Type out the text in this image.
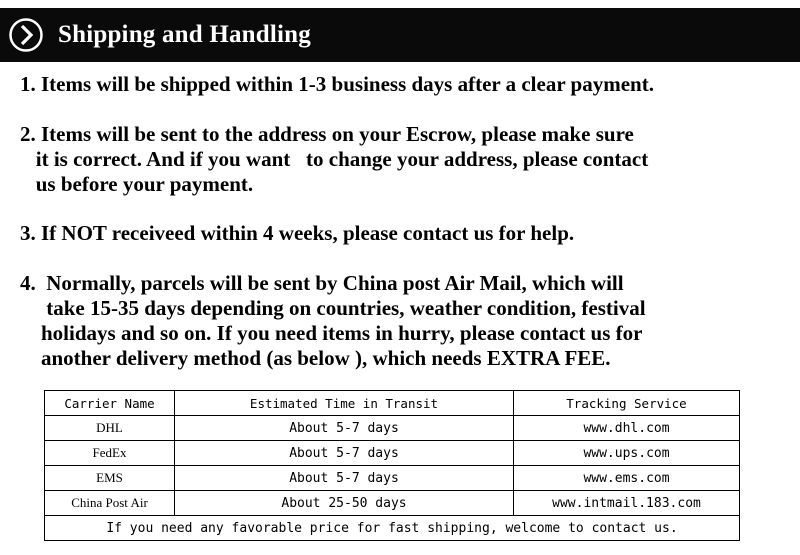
Shipping and Handling
1. Items will be shipped within 1-3 business days after a clear payment.
2. Items will be sent to the address on your Escrow, please make sure
it is correct. And if you want   to change your address, please contact
us before your payment.
3. If NOT receiveed within 4 weeks, please contact us for help.
4.  Normally, parcels will be sent by China post Air Mail, which will
take 15-35 days depending on countries, weather condition, festival
holidays and so on. If you need items in hurry, please contact us for
another delivery method (as below ), which needs EXTRA FEE.
Carrier Name	Estimated Time in Transit	Tracking Service
DHL	About 5-7 days	www.dhl.com
FedEx	About 5-7 days	www.ups.com
EMS	About 5-7 days	www.ems.com
China Post Air	About 25-50 days	www.intmail.183.com
If you need any favorable price for fast shipping, welcome to contact us.		
